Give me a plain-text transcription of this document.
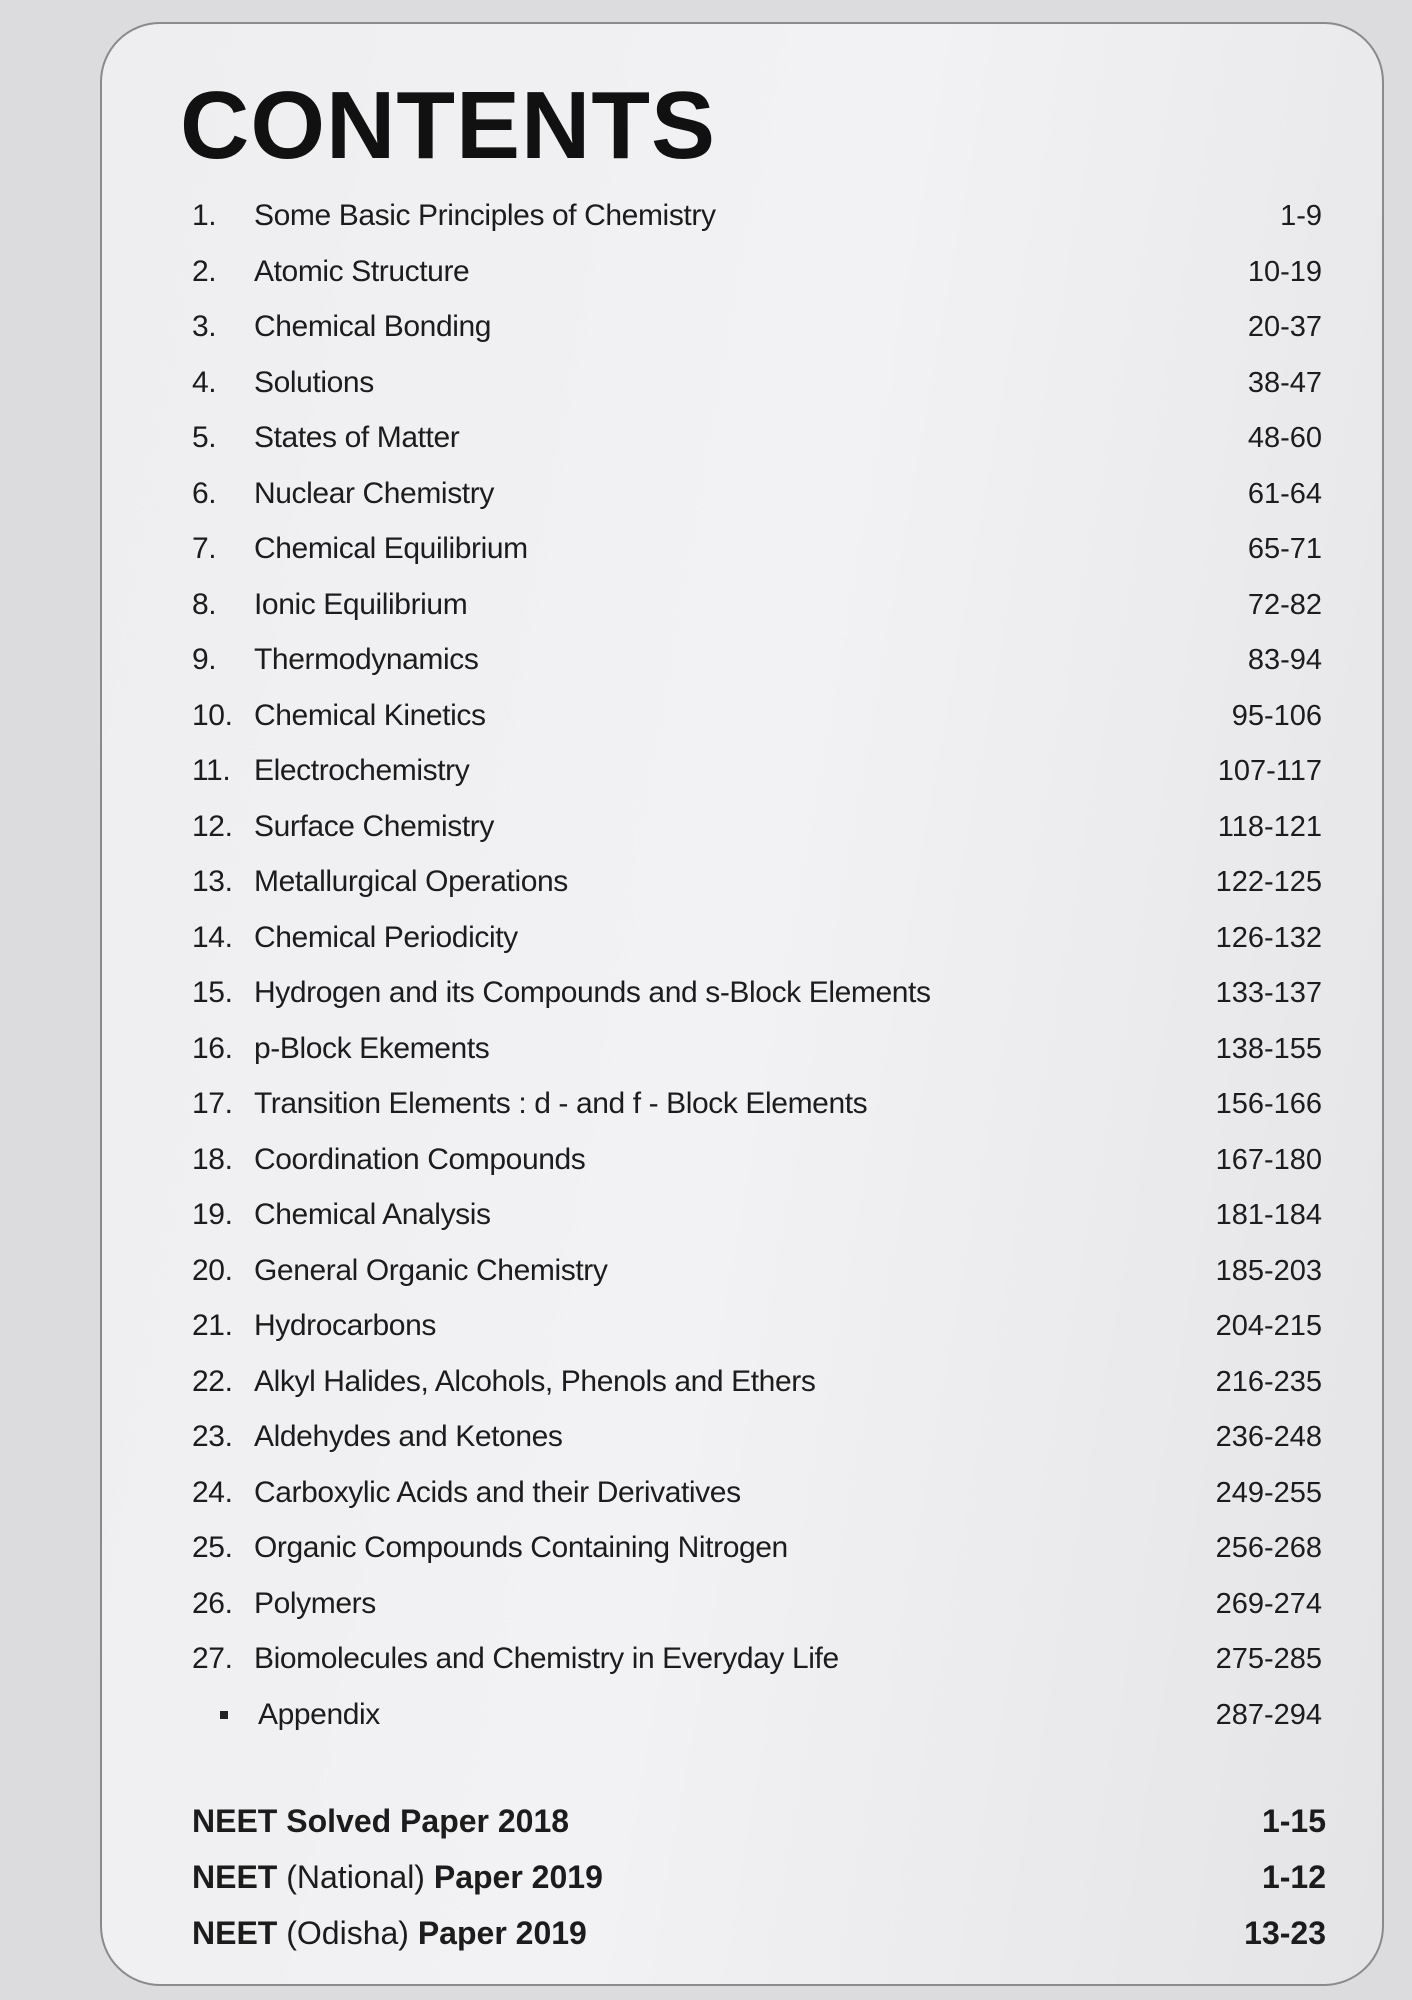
CONTENTS
1.	Some Basic Principles of Chemistry	1-9
2.	Atomic Structure	10-19
3.	Chemical Bonding	20-37
4.	Solutions	38-47
5.	States of Matter	48-60
6.	Nuclear Chemistry	61-64
7.	Chemical Equilibrium	65-71
8.	Ionic Equilibrium	72-82
9.	Thermodynamics	83-94
10. Chemical Kinetics	95-106
11. Electrochemistry	107-117
12. Surface Chemistry	118-121
13. Metallurgical Operations	122-125
14. Chemical Periodicity	126-132
15. Hydrogen and its Compounds and s-Block Elements	133-137
16. p-Block Ekements	138-155
17. Transition Elements : d - and f - Block Elements	156-166
18. Coordination Compounds	167-180
19. Chemical Analysis	181-184
20. General Organic Chemistry	185-203
21. Hydrocarbons	204-215
22. Alkyl Halides, Alcohols, Phenols and Ethers	216-235
23. Aldehydes and Ketones	236-248
24. Carboxylic Acids and their Derivatives	249-255
25. Organic Compounds Containing Nitrogen	256-268
26. Polymers	269-274
27. Biomolecules and Chemistry in Everyday Life	275-285
Appendix	287-294
NEET Solved Paper 2018	1-15
NEET (National) Paper 2019	1-12
NEET (Odisha) Paper 2019	13-23
